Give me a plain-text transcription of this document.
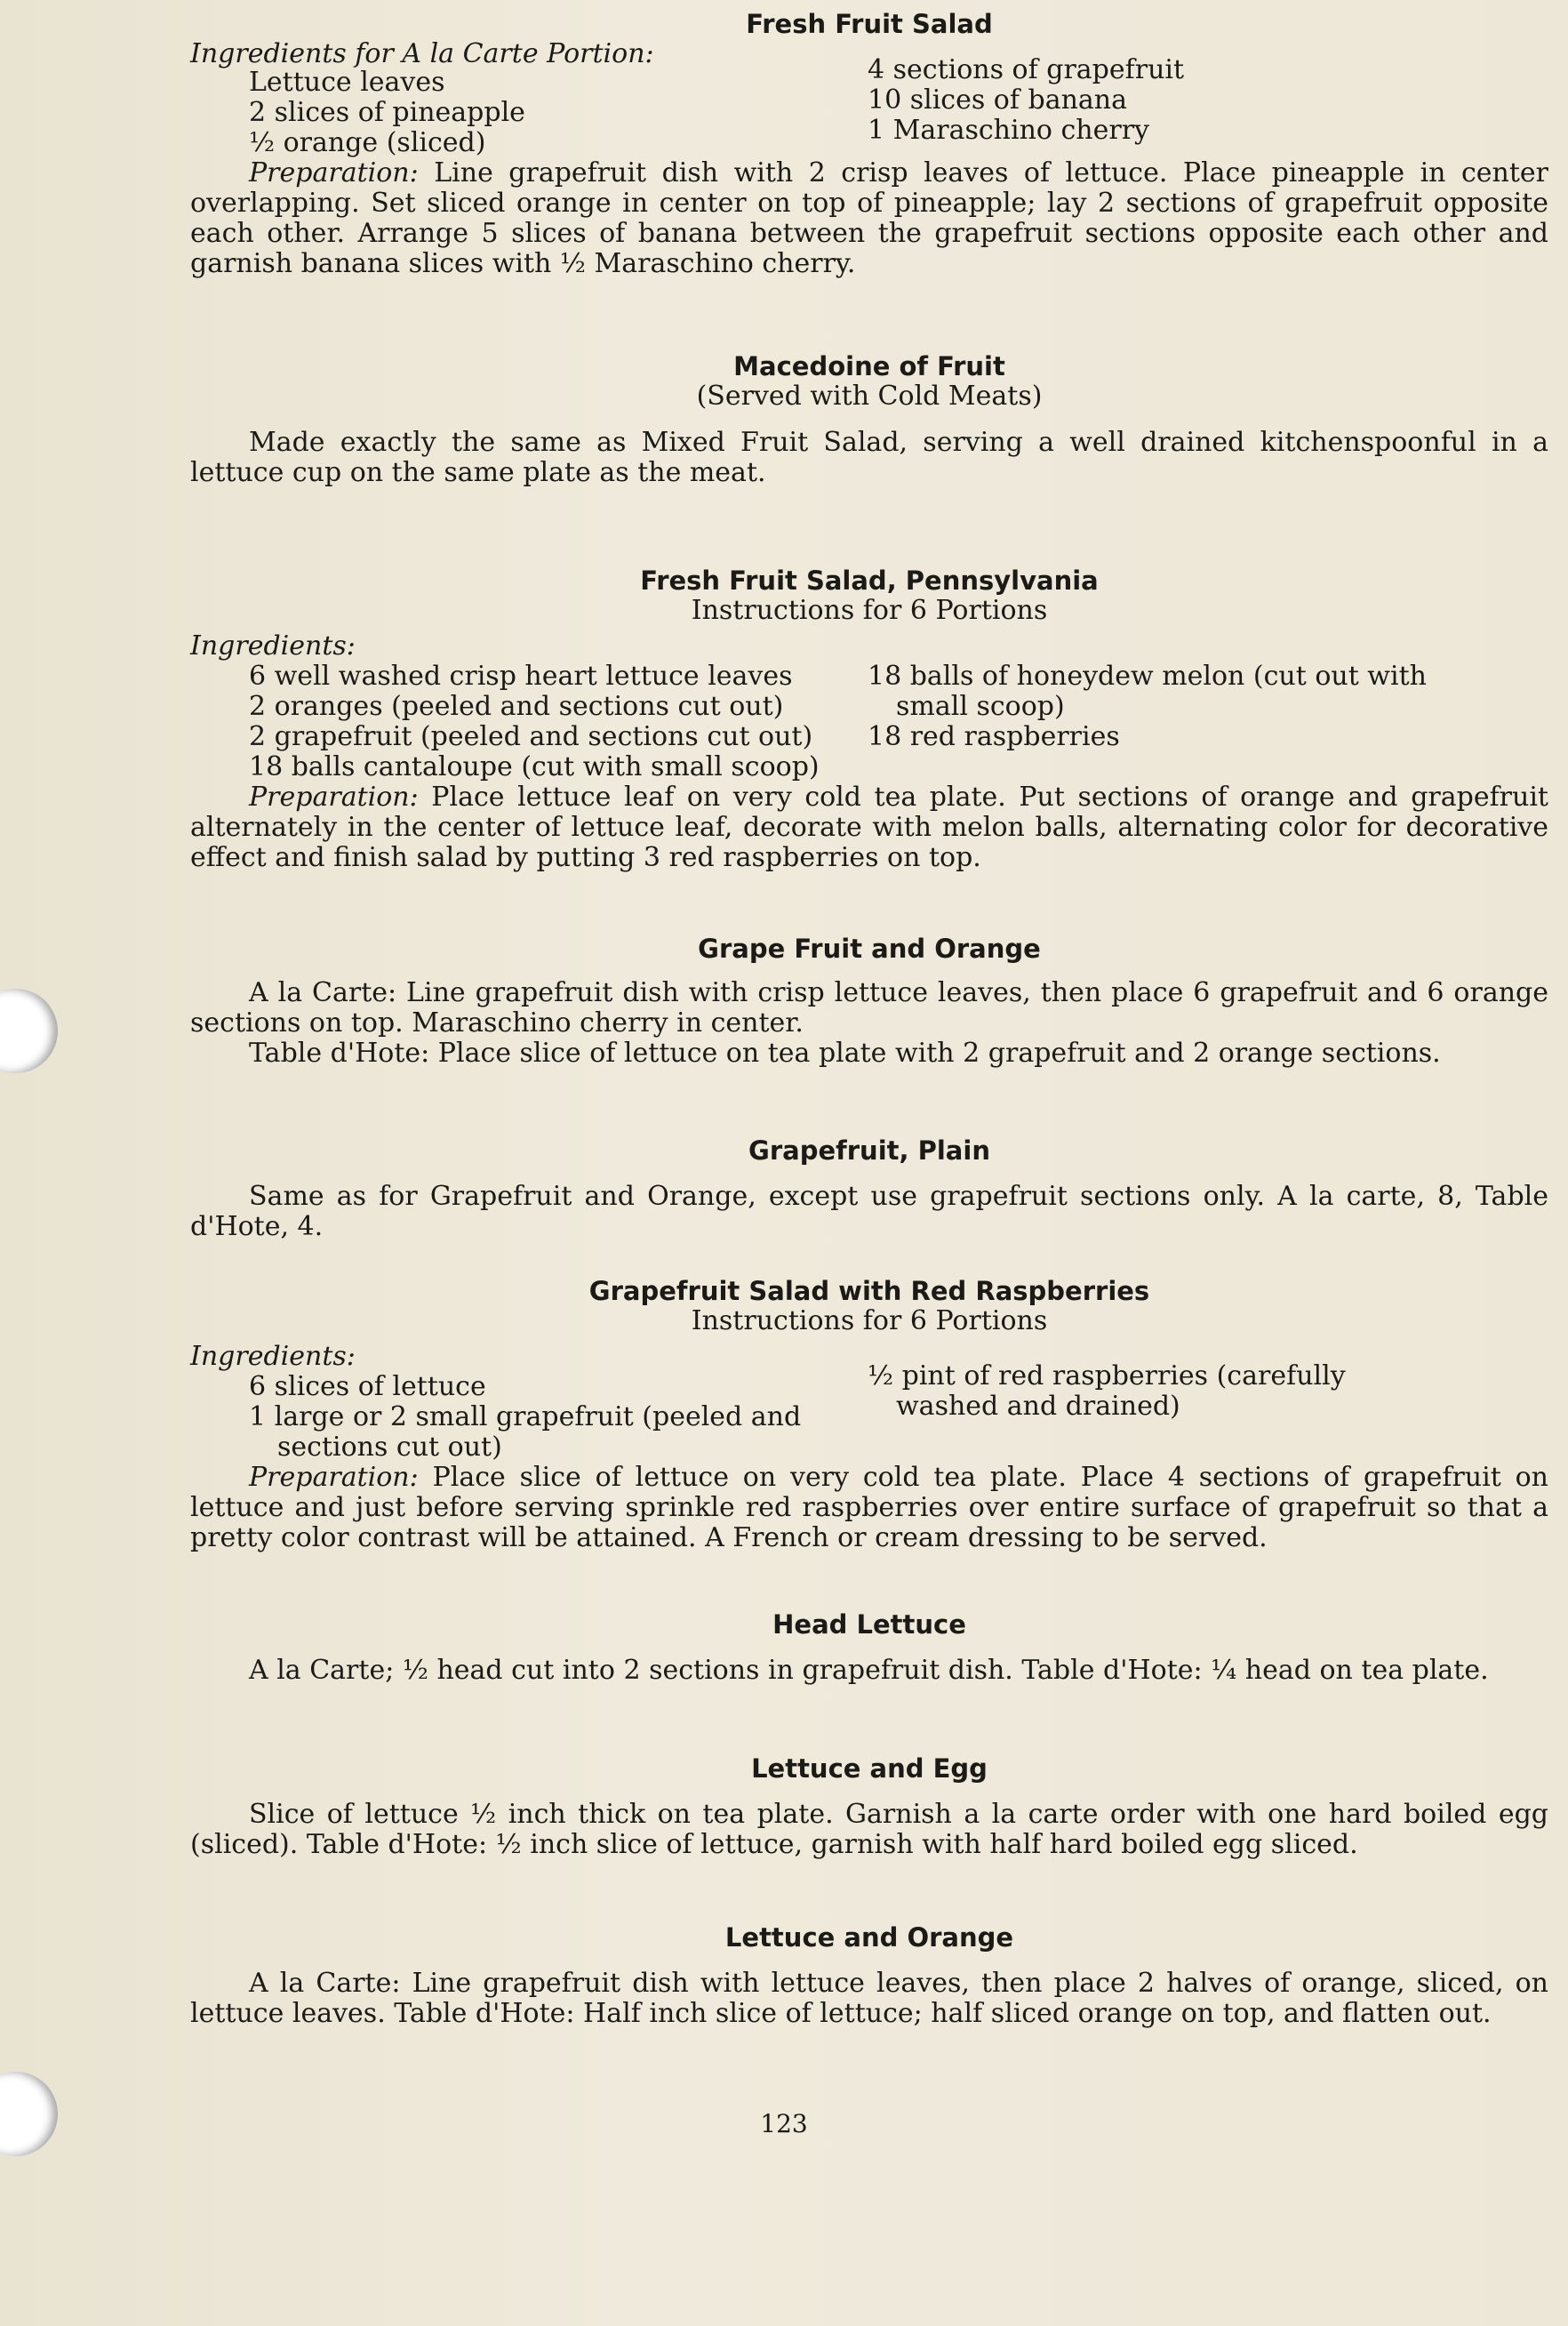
Fresh Fruit Salad

Ingredients for A la Carte Portion:

Lettuce leaves

2 slices of pineapple

½ orange (sliced)

4 sections of grapefruit

10 slices of banana

1 Maraschino cherry

Preparation: Line grapefruit dish with 2 crisp leaves of lettuce. Place pineapple in center overlapping. Set sliced orange in center on top of pineapple; lay 2 sections of grapefruit opposite each other. Arrange 5 slices of banana between the grapefruit sections opposite each other and garnish banana slices with ½ Maraschino cherry.

Macedoine of Fruit

(Served with Cold Meats)

Made exactly the same as Mixed Fruit Salad, serving a well drained kitchenspoonful in a lettuce cup on the same plate as the meat.

Fresh Fruit Salad, Pennsylvania

Instructions for 6 Portions

Ingredients:

6 well washed crisp heart lettuce leaves

2 oranges (peeled and sections cut out)

2 grapefruit (peeled and sections cut out)

18 balls cantaloupe (cut with small scoop)

18 balls of honeydew melon (cut out with

small scoop)

18 red raspberries

Preparation: Place lettuce leaf on very cold tea plate. Put sections of orange and grapefruit alternately in the center of lettuce leaf, decorate with melon balls, alternating color for decorative effect and finish salad by putting 3 red raspberries on top.

Grape Fruit and Orange

A la Carte: Line grapefruit dish with crisp lettuce leaves, then place 6 grapefruit and 6 orange sections on top. Maraschino cherry in center.

Table d'Hote: Place slice of lettuce on tea plate with 2 grapefruit and 2 orange sections.

Grapefruit, Plain

Same as for Grapefruit and Orange, except use grapefruit sections only. A la carte, 8, Table d'Hote, 4.

Grapefruit Salad with Red Raspberries

Instructions for 6 Portions

Ingredients:

6 slices of lettuce

1 large or 2 small grapefruit (peeled and

sections cut out)

½ pint of red raspberries (carefully

washed and drained)

Preparation: Place slice of lettuce on very cold tea plate. Place 4 sections of grapefruit on lettuce and just before serving sprinkle red raspberries over entire surface of grapefruit so that a pretty color contrast will be attained. A French or cream dressing to be served.

Head Lettuce

A la Carte; ½ head cut into 2 sections in grapefruit dish. Table d'Hote: ¼ head on tea plate.

Lettuce and Egg

Slice of lettuce ½ inch thick on tea plate. Garnish a la carte order with one hard boiled egg (sliced). Table d'Hote: ½ inch slice of lettuce, garnish with half hard boiled egg sliced.

Lettuce and Orange

A la Carte: Line grapefruit dish with lettuce leaves, then place 2 halves of orange, sliced, on lettuce leaves. Table d'Hote: Half inch slice of lettuce; half sliced orange on top, and flatten out.

123
